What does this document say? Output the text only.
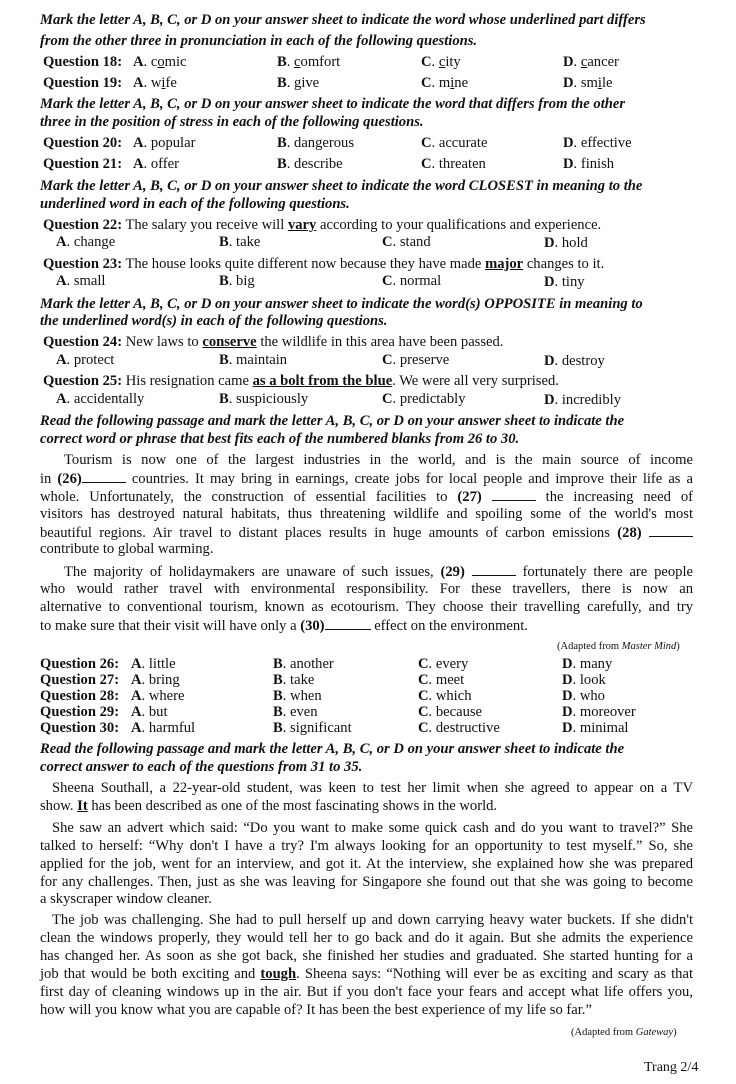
Mark the letter A, B, C, or D on your answer sheet to indicate the word whose underlined part differs
from the other three in pronunciation in each of the following questions.
Question 18: A. comic	B. comfort	C. city	D. cancer
Question 19: A. wife	B. give	C. mine	D. smile
Mark the letter A, B, C, or D on your answer sheet to indicate the word that differs from the other
three in the position of stress in each of the following questions.
Question 20: A. popular	B. dangerous	C. accurate	D. effective
Question 21: A. offer	B. describe	C. threaten	D. finish
Mark the letter A, B, C, or D on your answer sheet to indicate the word CLOSEST in meaning to the
underlined word in each of the following questions.
Question 22: The salary you receive will vary according to your qualifications and experience.
A. change	B. take	C. stand	D. hold
Question 23: The house looks quite different now because they have made major changes to it.
A. small	B. big	C. normal	D. tiny
Mark the letter A, B, C, or D on your answer sheet to indicate the word(s) OPPOSITE in meaning to
the underlined word(s) in each of the following questions.
Question 24: New laws to conserve the wildlife in this area have been passed.
A. protect	B. maintain	C. preserve	D. destroy
Question 25: His resignation came as a bolt from the blue. We were all very surprised.
A. accidentally	B. suspiciously	C. predictably	D. incredibly
Read the following passage and mark the letter A, B, C, or D on your answer sheet to indicate the
correct word or phrase that best fits each of the numbered blanks from 26 to 30.
Tourism is now one of the largest industries in the world, and is the main source of income
in (26)	countries. It may bring in earnings, create jobs for local people and improve their life as a
whole. Unfortunately, the construction of essential facilities to (27)	the increasing need of
visitors has destroyed natural habitats, thus threatening wildlife and spoiling some of the world's most
beautiful regions. Air travel to distant places results in huge amounts of carbon emissions (28)
contribute to global warming.
The majority of holidaymakers are unaware of such issues, (29)	fortunately there are people
who would rather travel with environmental responsibility. For these travellers, there is now an
alternative to conventional tourism, known as ecotourism. They choose their travelling carefully, and try
to make sure that their visit will have only a (30)	effect on the environment.
(Adapted from Master Mind)
Question 26: A. little	B. another	C. every	D. many
Question 27: A. bring	B. take	C. meet	D. look
Question 28: A. where	B. when	C. which	D. who
Question 29: A. but	B. even	C. because	D. moreover
Question 30: A. harmful	B. significant	C. destructive	D. minimal
Read the following passage and mark the letter A, B, C, or D on your answer sheet to indicate the
correct answer to each of the questions from 31 to 35.
Sheena Southall, a 22-year-old student, was keen to test her limit when she agreed to appear on a TV
show. It has been described as one of the most fascinating shows in the world.
She saw an advert which said: “Do you want to make some quick cash and do you want to travel?” She
talked to herself: “Why don't I have a try? I'm always looking for an opportunity to test myself.” So, she
applied for the job, went for an interview, and got it. At the interview, she explained how she was prepared
for any challenges. Then, just as she was leaving for Singapore she found out that she was going to become
a skyscraper window cleaner.
The job was challenging. She had to pull herself up and down carrying heavy water buckets. If she didn't
clean the windows properly, they would tell her to go back and do it again. But she admits the experience
has changed her. As soon as she got back, she finished her studies and graduated. She started hunting for a
job that would be both exciting and tough. Sheena says: “Nothing will ever be as exciting and scary as that
first day of cleaning windows up in the air. But if you don't face your fears and accept what life offers you,
how will you know what you are capable of? It has been the best experience of my life so far.”
(Adapted from Gateway)
Trang 2/4
